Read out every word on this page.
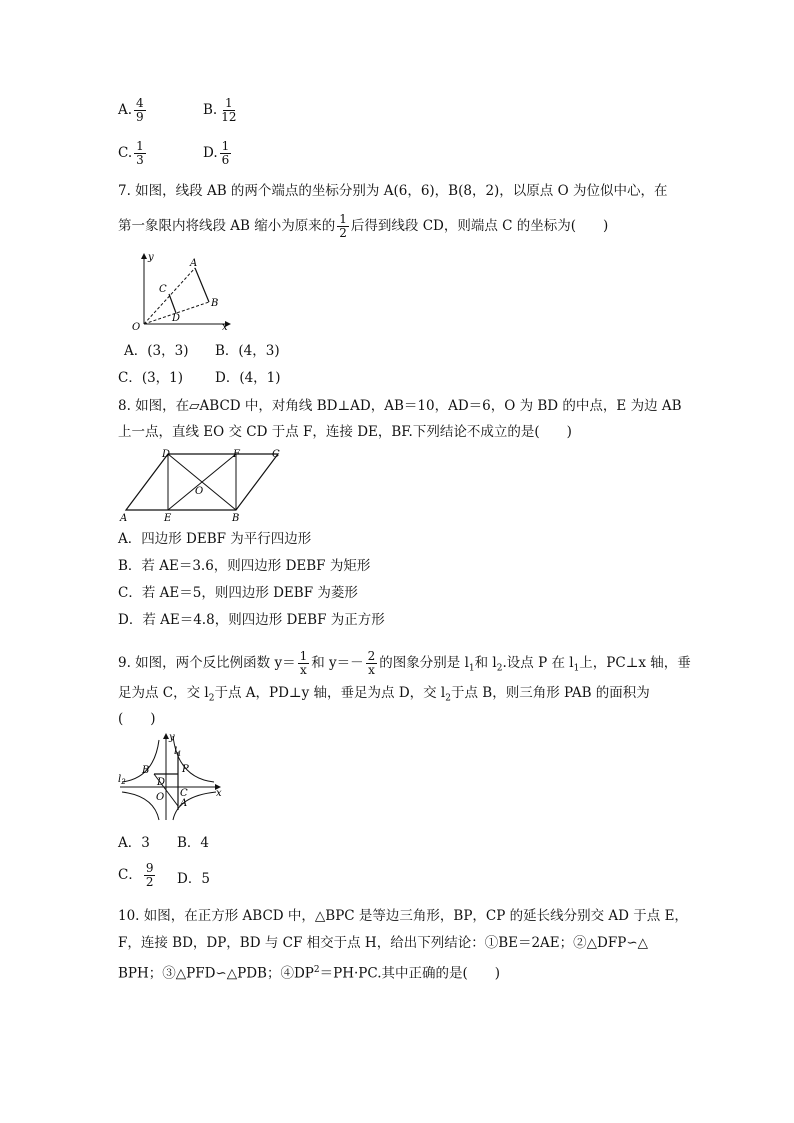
A. $\frac{4}{9}$	B. $\frac{1}{12}$
C. $\frac{1}{3}$	D. $\frac{1}{6}$
7. 如图，线段 AB 的两个端点的坐标分别为 A(6，6)，B(8，2)，以原点 O 为位似中心，在
第一象限内将线段 AB 缩小为原来的 $\frac{1}{2}$ 后得到线段 CD，则端点 C 的坐标为(　　)
y
x
O
A
B
C
D
A．(3，3) B．(4，3)
C．(3，1) D．(4，1)
8. 如图，在▱ABCD 中，对角线 BD⊥AD，AB＝10，AD＝6，O 为 BD 的中点，E 为边 AB
上一点，直线 EO 交 CD 于点 F，连接 DE，BF.下列结论不成立的是(　　)
D	F	C
O
A	E	B
A．四边形 DEBF 为平行四边形
B．若 AE＝3.6，则四边形 DEBF 为矩形
C．若 AE＝5，则四边形 DEBF 为菱形
D．若 AE＝4.8，则四边形 DEBF 为正方形
9. 如图，两个反比例函数 $y= \frac{1}{x}$ 和 $y=- \frac{2}{x}$ 的图象分别是 $l_1$和 $l_2$.设点 P 在 $l_1$上，PC⊥x 轴，垂
足为点 C，交 $l_2$于点 A，PD⊥y 轴，垂足为点 D，交 $l_2$于点 B，则三角形 PAB 的面积为
(　　)
y
x
O
P
B
D
C
A
$l_1$
$l_2$
A．3 B．4
C． $\frac{9}{2}$ D．5
10. 如图，在正方形 ABCD 中，△BPC 是等边三角形，BP，CP 的延长线分别交 AD 于点 E，
F，连接 BD，DP，BD 与 CF 相交于点 H，给出下列结论：①BE＝2AE；②△DFP∽△
BPH；③△PFD∽△PDB；$④DP^2=PH\cdot PC$.其中正确的是(　　)
